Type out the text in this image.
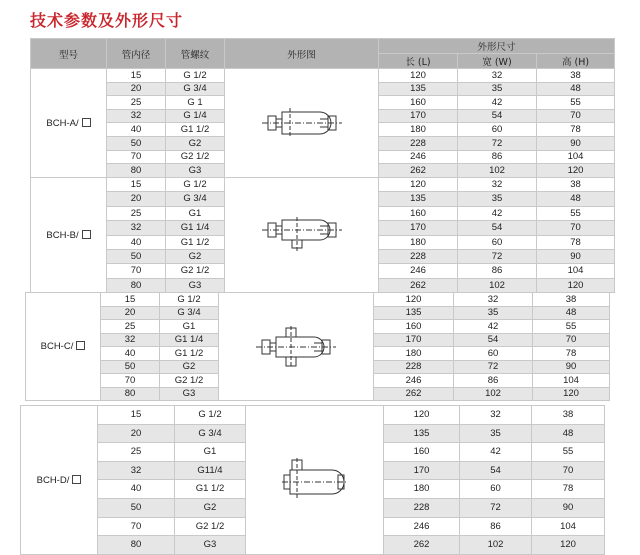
技术参数及外形尺寸
型号	管内径	管螺纹	外形图	外形尺寸		
				长 (L)	宽 (W)	高 (H)
BCH-A/	15	G 1/2		120	32	38
	20	G 3/4		135	35	48
	25	G 1		160	42	55
	32	G 1/4		170	54	70
	40	G1 1/2		180	60	78
	50	G2		228	72	90
	70	G2 1/2		246	86	104
	80	G3		262	102	120
BCH-B/	15	G 1/2		120	32	38
	20	G 3/4		135	35	48
	25	G1		160	42	55
	32	G1 1/4		170	54	70
	40	G1 1/2		180	60	78
	50	G2		228	72	90
	70	G2 1/2		246	86	104
	80	G3		262	102	120
BCH-C/	15	G 1/2		120	32	38
	20	G 3/4		135	35	48
	25	G1		160	42	55
	32	G1 1/4		170	54	70
	40	G1 1/2		180	60	78
	50	G2		228	72	90
	70	G2 1/2		246	86	104
	80	G3		262	102	120
BCH-D/	15	G 1/2		120	32	38
	20	G 3/4		135	35	48
	25	G1		160	42	55
	32	G11/4		170	54	70
	40	G1 1/2		180	60	78
	50	G2		228	72	90
	70	G2 1/2		246	86	104
	80	G3		262	102	120
